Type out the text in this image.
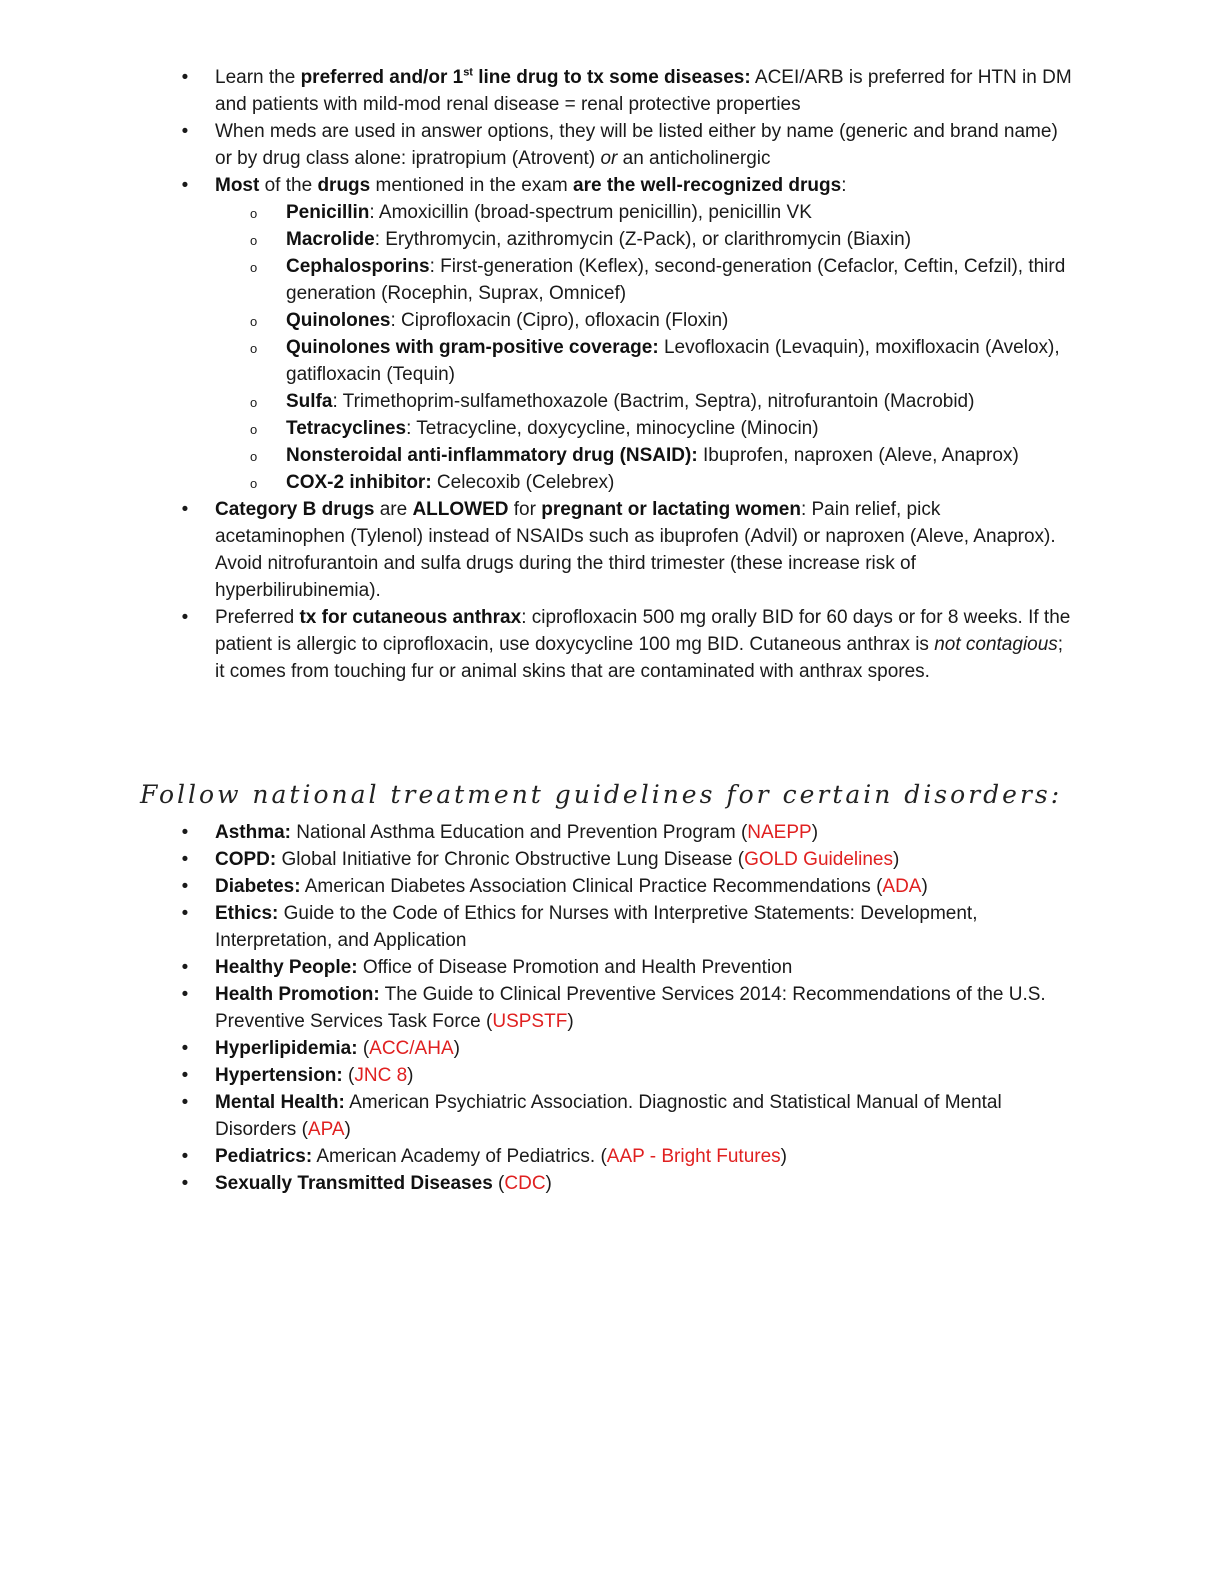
• Learn the preferred and/or 1st line drug to tx some diseases: ACEI/ARB is preferred for HTN in DM and patients with mild-mod renal disease = renal protective properties
• When meds are used in answer options, they will be listed either by name (generic and brand name) or by drug class alone: ipratropium (Atrovent) or an anticholinergic
• Most of the drugs mentioned in the exam are the well-recognized drugs:
o Penicillin: Amoxicillin (broad-spectrum penicillin), penicillin VK
o Macrolide: Erythromycin, azithromycin (Z-Pack), or clarithromycin (Biaxin)
o Cephalosporins: First-generation (Keflex), second-generation (Cefaclor, Ceftin, Cefzil), third generation (Rocephin, Suprax, Omnicef)
o Quinolones: Ciprofloxacin (Cipro), ofloxacin (Floxin)
o Quinolones with gram-positive coverage: Levofloxacin (Levaquin), moxifloxacin (Avelox), gatifloxacin (Tequin)
o Sulfa: Trimethoprim-sulfamethoxazole (Bactrim, Septra), nitrofurantoin (Macrobid)
o Tetracyclines: Tetracycline, doxycycline, minocycline (Minocin)
o Nonsteroidal anti-inflammatory drug (NSAID): Ibuprofen, naproxen (Aleve, Anaprox)
o COX-2 inhibitor: Celecoxib (Celebrex)
• Category B drugs are ALLOWED for pregnant or lactating women: Pain relief, pick acetaminophen (Tylenol) instead of NSAIDs such as ibuprofen (Advil) or naproxen (Aleve, Anaprox). Avoid nitrofurantoin and sulfa drugs during the third trimester (these increase risk of hyperbilirubinemia).
• Preferred tx for cutaneous anthrax: ciprofloxacin 500 mg orally BID for 60 days or for 8 weeks. If the patient is allergic to ciprofloxacin, use doxycycline 100 mg BID. Cutaneous anthrax is not contagious; it comes from touching fur or animal skins that are contaminated with anthrax spores.
Follow national treatment guidelines for certain disorders:
• Asthma: National Asthma Education and Prevention Program (NAEPP)
• COPD: Global Initiative for Chronic Obstructive Lung Disease (GOLD Guidelines)
• Diabetes: American Diabetes Association Clinical Practice Recommendations (ADA)
• Ethics: Guide to the Code of Ethics for Nurses with Interpretive Statements: Development, Interpretation, and Application
• Healthy People: Office of Disease Promotion and Health Prevention
• Health Promotion: The Guide to Clinical Preventive Services 2014: Recommendations of the U.S. Preventive Services Task Force (USPSTF)
• Hyperlipidemia: (ACC/AHA)
• Hypertension: (JNC 8)
• Mental Health: American Psychiatric Association. Diagnostic and Statistical Manual of Mental Disorders (APA)
• Pediatrics: American Academy of Pediatrics. (AAP - Bright Futures)
• Sexually Transmitted Diseases (CDC)
